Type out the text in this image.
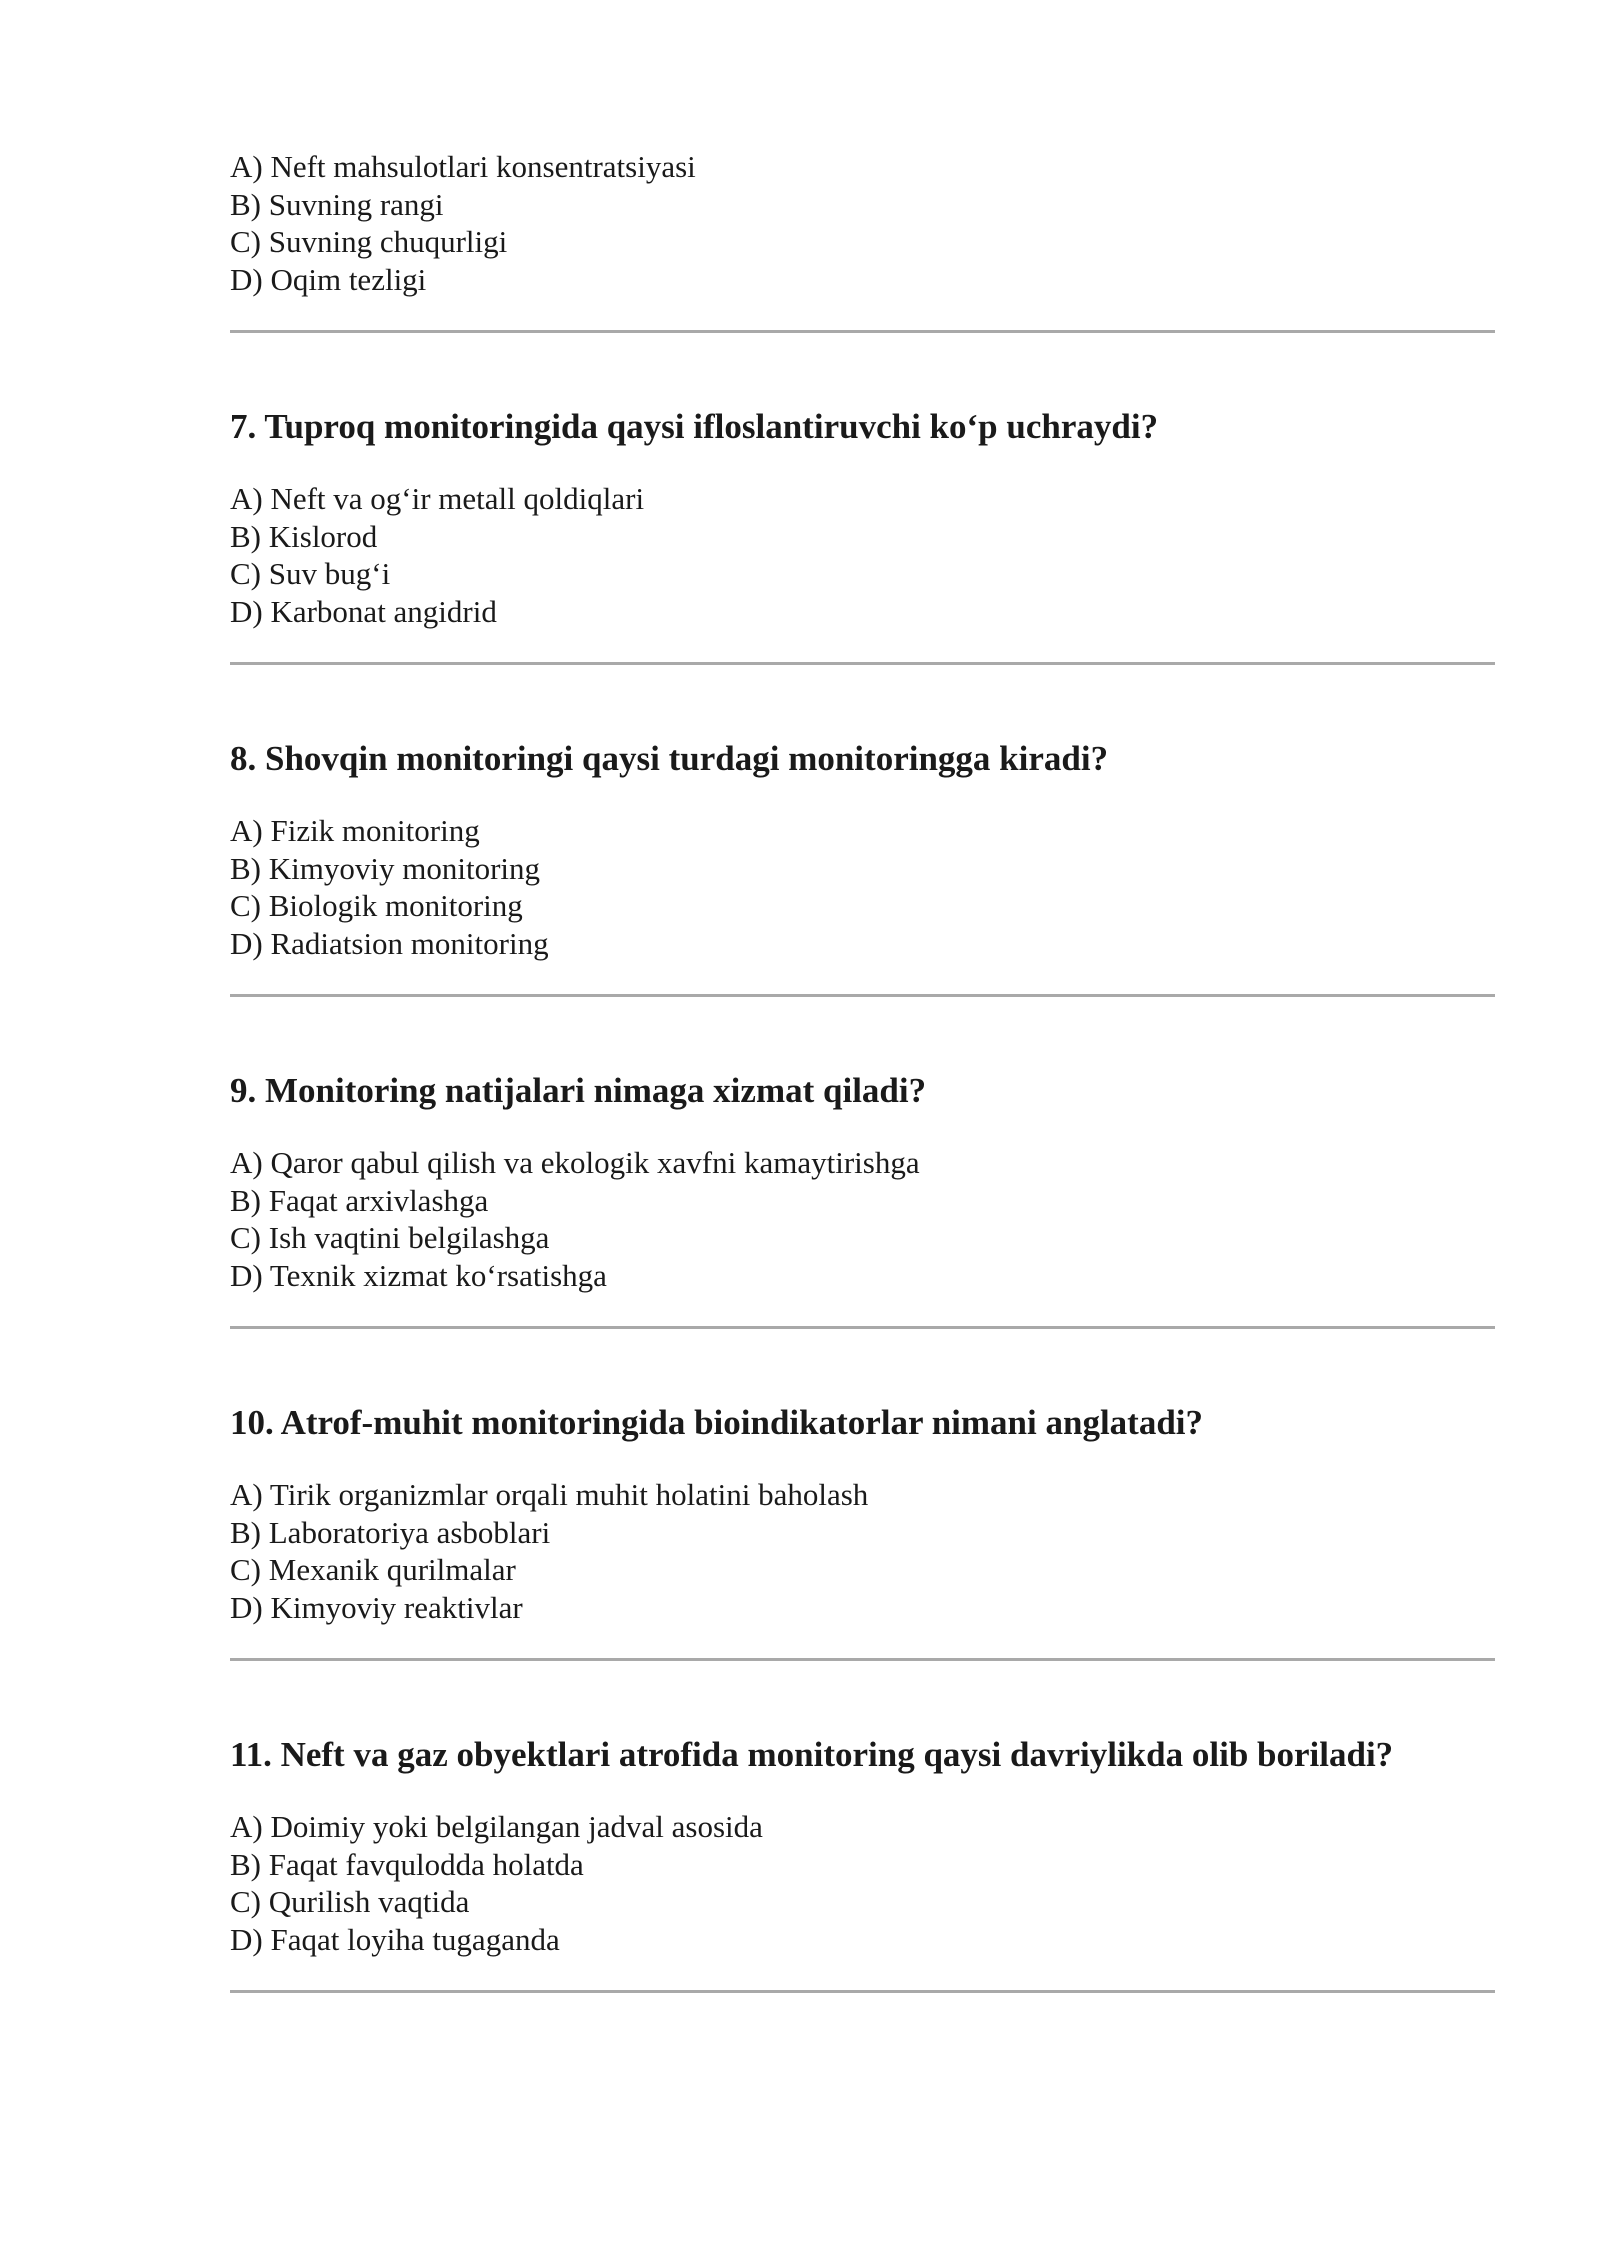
A) Neft mahsulotlari konsentratsiyasi
B) Suvning rangi
C) Suvning chuqurligi
D) Oqim tezligi
7. Tuproq monitoringida qaysi ifloslantiruvchi ko‘p uchraydi?
A) Neft va og‘ir metall qoldiqlari
B) Kislorod
C) Suv bug‘i
D) Karbonat angidrid
8. Shovqin monitoringi qaysi turdagi monitoringga kiradi?
A) Fizik monitoring
B) Kimyoviy monitoring
C) Biologik monitoring
D) Radiatsion monitoring
9. Monitoring natijalari nimaga xizmat qiladi?
A) Qaror qabul qilish va ekologik xavfni kamaytirishga
B) Faqat arxivlashga
C) Ish vaqtini belgilashga
D) Texnik xizmat ko‘rsatishga
10. Atrof-muhit monitoringida bioindikatorlar nimani anglatadi?
A) Tirik organizmlar orqali muhit holatini baholash
B) Laboratoriya asboblari
C) Mexanik qurilmalar
D) Kimyoviy reaktivlar
11. Neft va gaz obyektlari atrofida monitoring qaysi davriylikda olib boriladi?
A) Doimiy yoki belgilangan jadval asosida
B) Faqat favqulodda holatda
C) Qurilish vaqtida
D) Faqat loyiha tugaganda
